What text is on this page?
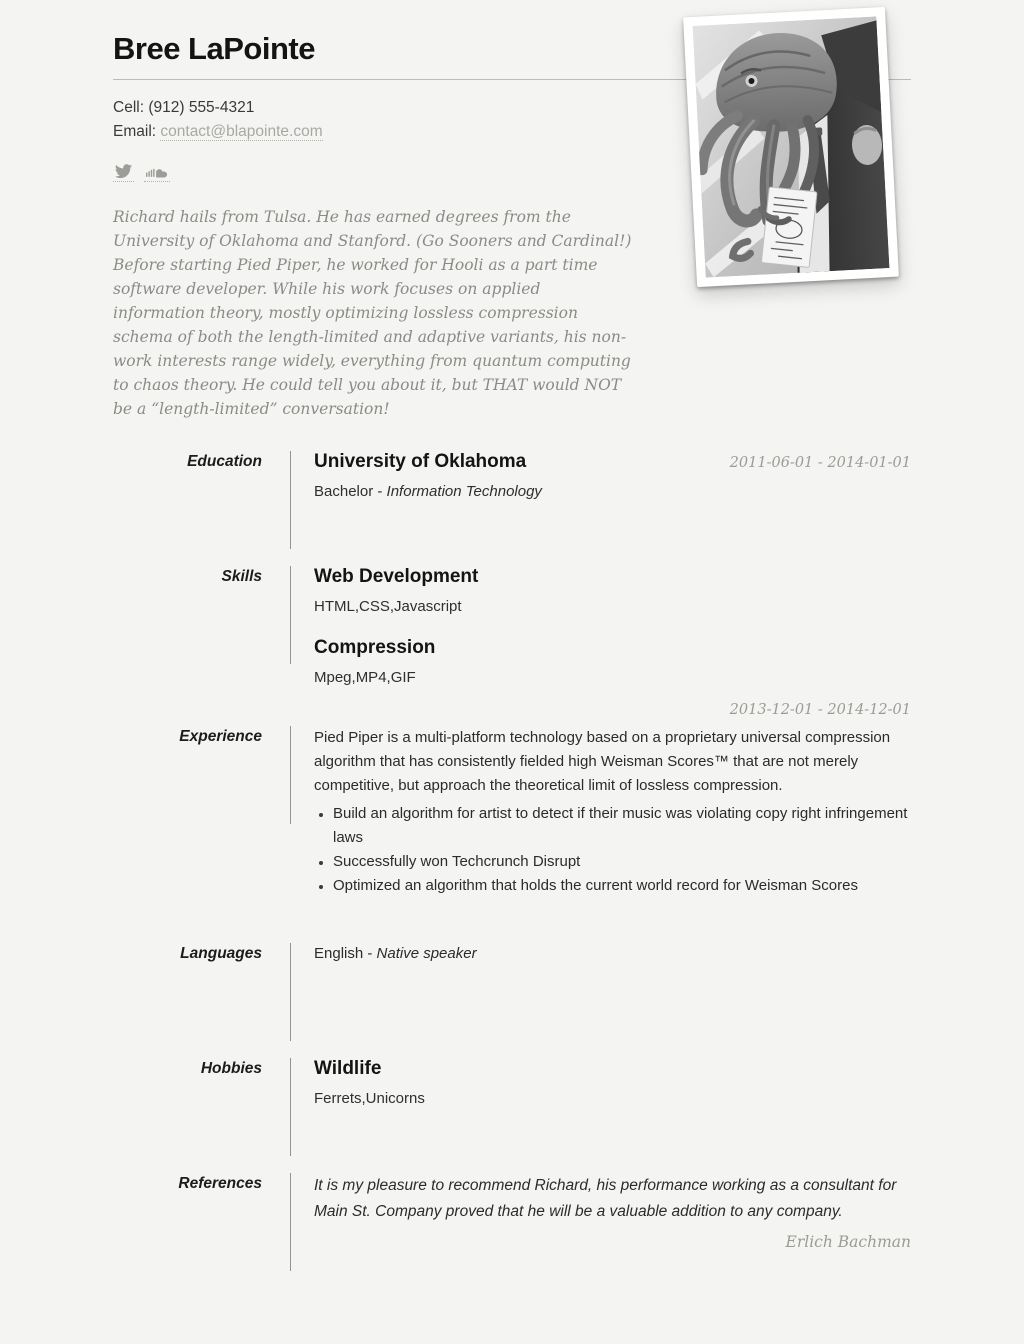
Bree LaPointe
Cell: (912) 555-4321
Email: contact@blapointe.com

Richard hails from Tulsa. He has earned degrees from the University of Oklahoma and Stanford. (Go Sooners and Cardinal!) Before starting Pied Piper, he worked for Hooli as a part time software developer. While his work focuses on applied information theory, mostly optimizing lossless compression schema of both the length-limited and adaptive variants, his non-work interests range widely, everything from quantum computing to chaos theory. He could tell you about it, but THAT would NOT be a “length-limited” conversation!

Education	University of Oklahoma	2011-06-01 - 2014-01-01
Bachelor - Information Technology
Skills	Web Development
HTML,CSS,Javascript
Compression
Mpeg,MP4,GIF
2013-12-01 - 2014-12-01
Experience	Pied Piper is a multi-platform technology based on a proprietary universal compression algorithm that has consistently fielded high Weisman Scores™ that are not merely competitive, but approach the theoretical limit of lossless compression.

• Build an algorithm for artist to detect if their music was violating copy right infringement laws
• Successfully won Techcrunch Disrupt
• Optimized an algorithm that holds the current world record for Weisman Scores
Languages	English - Native speaker
Hobbies	Wildlife
Ferrets,Unicorns
References	It is my pleasure to recommend Richard, his performance working as a consultant for Main St. Company proved that he will be a valuable addition to any company.

Erlich Bachman
